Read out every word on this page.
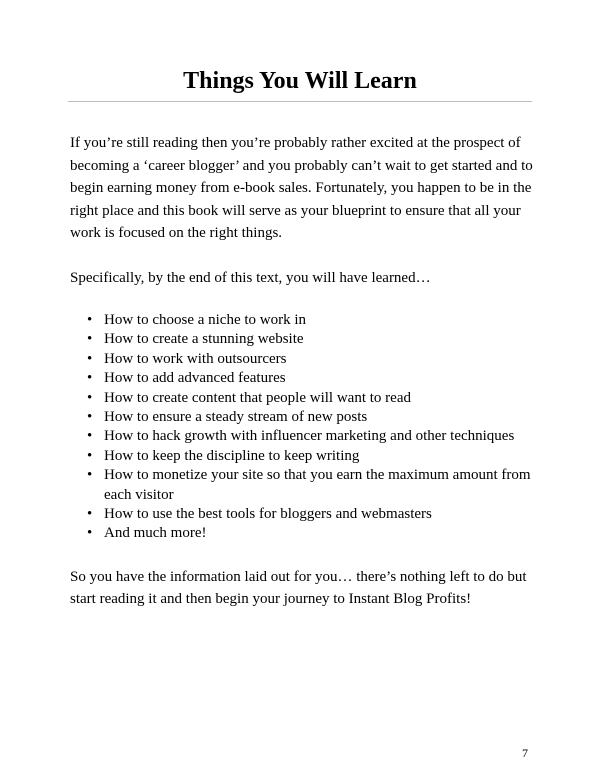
Things You Will Learn

If you’re still reading then you’re probably rather excited at the prospect of becoming a ‘career blogger’ and you probably can’t wait to get started and to begin earning money from e-book sales. Fortunately, you happen to be in the right place and this book will serve as your blueprint to ensure that all your work is focused on the right things.

Specifically, by the end of this text, you will have learned…

• How to choose a niche to work in
• How to create a stunning website
• How to work with outsourcers
• How to add advanced features
• How to create content that people will want to read
• How to ensure a steady stream of new posts
• How to hack growth with influencer marketing and other techniques
• How to keep the discipline to keep writing
• How to monetize your site so that you earn the maximum amount from each visitor
• How to use the best tools for bloggers and webmasters
• And much more!

So you have the information laid out for you… there’s nothing left to do but start reading it and then begin your journey to Instant Blog Profits!

7
